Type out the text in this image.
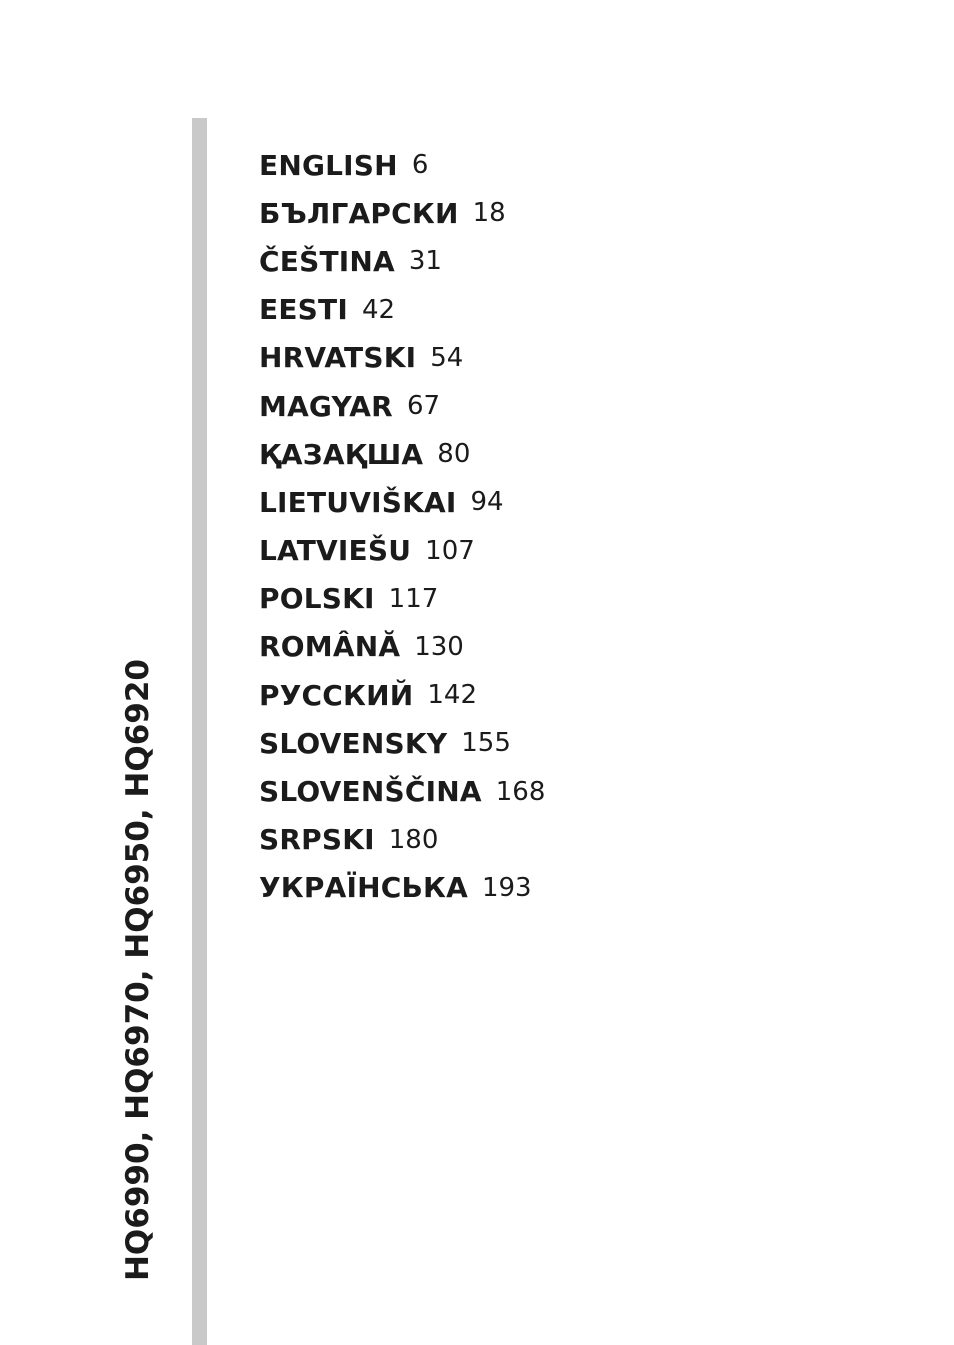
HQ6990, HQ6970, HQ6950, HQ6920
ENGLISH 6
БЪЛГАРСКИ 18
ČEŠTINA 31
EESTI 42
HRVATSKI 54
MAGYAR 67
ҚАЗАҚША 80
LIETUVIŠKAI 94
LATVIEŠU 107
POLSKI 117
ROMÂNĂ 130
РУССКИЙ 142
SLOVENSKY 155
SLOVENŠČINA 168
SRPSKI 180
УКРАЇНСЬКА 193
